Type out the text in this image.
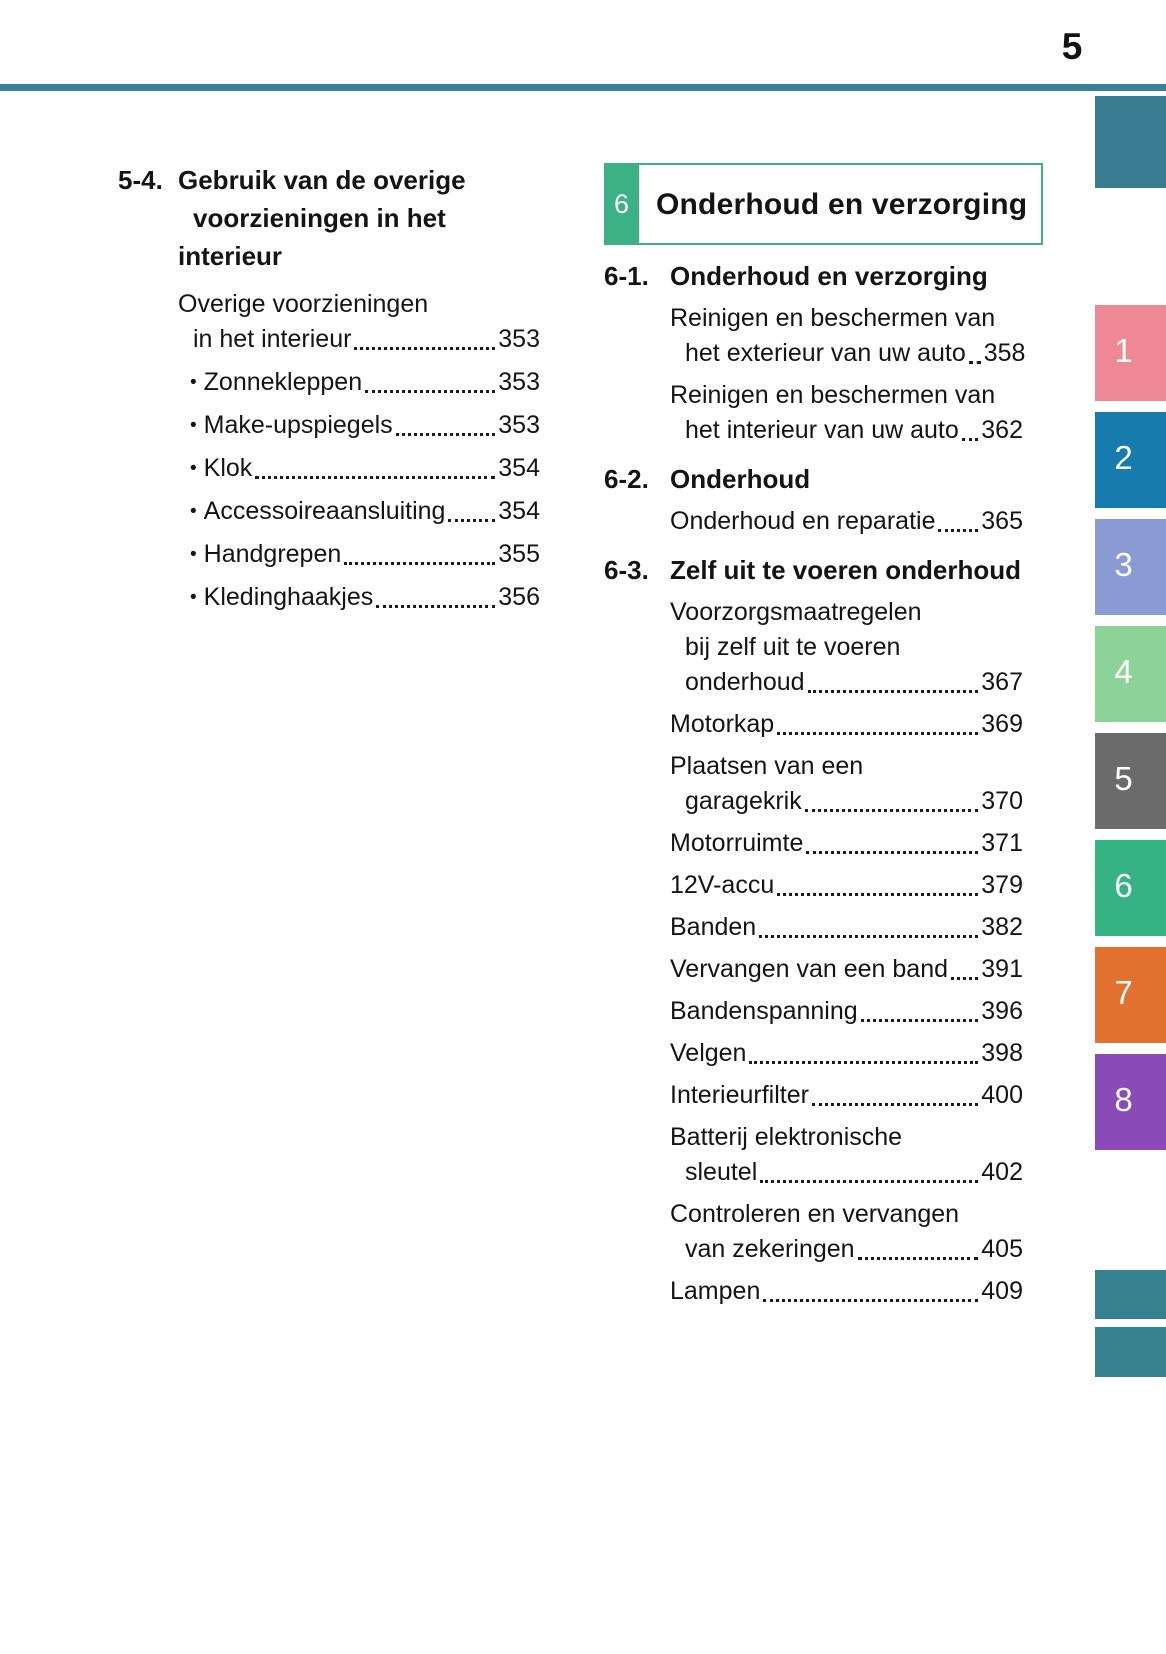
5
5-4. Gebruik van de overige
voorzieningen in het interieur
Overige voorzieningen
in het interieur	353
• Zonnekleppen	353
• Make-upspiegels	353
• Klok	354
• Accessoireaansluiting 354
• Handgrepen	355
• Kledinghaakjes	356
6 Onderhoud en verzorging
6-1. Onderhoud en verzorging
Reinigen en beschermen van
het exterieur van uw auto 358
Reinigen en beschermen van
het interieur van uw auto 362
6-2. Onderhoud
Onderhoud en reparatie 365
6-3. Zelf uit te voeren onderhoud
Voorzorgsmaatregelen
bij zelf uit te voeren
onderhoud	367
Motorkap	369
Plaatsen van een
garagekrik	370
Motorruimte	371
12V-accu	379
Banden	382
Vervangen van een band 391
Bandenspanning	396
Velgen	398
Interieurfilter	400
Batterij elektronische
sleutel	402
Controleren en vervangen
van zekeringen	405
Lampen	409
1
2
3
4
5
6
7
8
